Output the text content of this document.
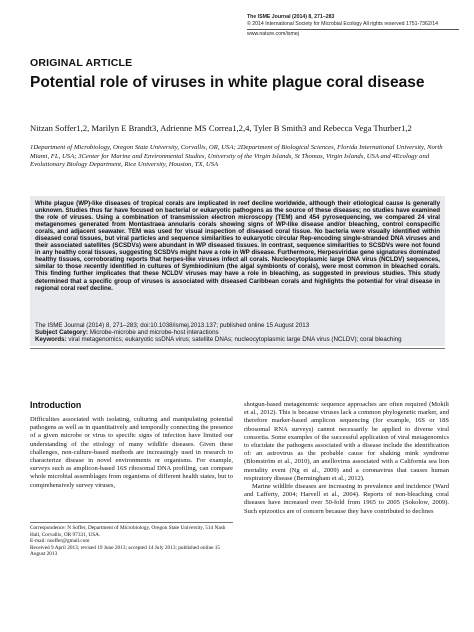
The ISME Journal (2014) 8, 271–283
© 2014 International Society for Microbial Ecology All rights reserved 1751-7362/14
www.nature.com/ismej
ORIGINAL ARTICLE
Potential role of viruses in white plague coral disease
Nitzan Soffer1,2, Marilyn E Brandt3, Adrienne MS Correa1,2,4, Tyler B Smith3 and Rebecca Vega Thurber1,2
1Department of Microbiology, Oregon State University, Corvallis, OR, USA; 2Department of Biological Sciences, Florida International University, North Miami, FL, USA; 3Center for Marine and Environmental Studies, University of the Virgin Islands, St Thomas, Virgin Islands, USA and 4Ecology and Evolutionary Biology Department, Rice University, Houston, TX, USA
White plague (WP)-like diseases of tropical corals are implicated in reef decline worldwide, although their etiological cause is generally unknown. Studies thus far have focused on bacterial or eukaryotic pathogens as the source of these diseases; no studies have examined the role of viruses. Using a combination of transmission electron microscopy (TEM) and 454 pyrosequencing, we compared 24 viral metagenomes generated from Montastraea annularis corals showing signs of WP-like disease and/or bleaching, control conspecific corals, and adjacent seawater. TEM was used for visual inspection of diseased coral tissue. No bacteria were visually identified within diseased coral tissues, but viral particles and sequence similarities to eukaryotic circular Rep-encoding single-stranded DNA viruses and their associated satellites (SCSDVs) were abundant in WP diseased tissues. In contrast, sequence similarities to SCSDVs were not found in any healthy coral tissues, suggesting SCSDVs might have a role in WP disease. Furthermore, Herpesviridae gene signatures dominated healthy tissues, corroborating reports that herpes-like viruses infect all corals. Nucleocytoplasmic large DNA virus (NCLDV) sequences, similar to those recently identified in cultures of Symbiodinium (the algal symbionts of corals), were most common in bleached corals. This finding further implicates that these NCLDV viruses may have a role in bleaching, as suggested in previous studies. This study determined that a specific group of viruses is associated with diseased Caribbean corals and highlights the potential for viral disease in regional coral reef decline.
The ISME Journal (2014) 8, 271–283; doi:10.1038/ismej.2013.137; published online 15 August 2013
Subject Category: Microbe-microbe and microbe-host interactions
Keywords: viral metagenomics; eukaryotic ssDNA virus; satellite DNAs; nucleocytoplasmic large DNA virus (NCLDV); coral bleaching
Introduction

Difficulties associated with isolating, culturing and manipulating potential pathogens as well as in quantitatively and temporally connecting the presence of a given microbe or virus to specific signs of infection have limited our understanding of the etiology of many wildlife diseases. Given these challenges, non-culture-based methods are increasingly used in research to characterize disease in novel environments or organisms. For example, surveys such as amplicon-based 16S ribosomal DNA profiling, can compare whole microbial assemblages from organisms of different health states, but to comprehensively survey viruses,

shotgun-based metagenomic sequence approaches are often required (Mokili et al., 2012). This is because viruses lack a common phylogenetic marker, and therefore marker-based amplicon sequencing (for example, 16S or 18S ribosomal RNA surveys) cannot necessarily be applied to diverse viral consortia. Some examples of the successful application of viral metagenomics to elucidate the pathogens associated with a disease include the identification of: an astrovirus as the probable cause for shaking mink syndrome (Blomström et al., 2010), an anellovirus associated with a California sea lion mortality event (Ng et al., 2009) and a coronavirus that causes human respiratory disease (Bermingham et al., 2012).

Marine wildlife diseases are increasing in prevalence and incidence (Ward and Lafferty, 2004; Harvell et al., 2004). Reports of non-bleaching coral diseases have increased over 50-fold from 1965 to 2005 (Sokolow, 2009). Such epizootics are of concern because they have contributed to declines

Correspondence: N Soffer, Department of Microbiology, Oregon State University, 514 Nash Hall, Corvallis, OR 97331, USA.
E-mail: nsoffer@gmail.com
Received 9 April 2013; revised 19 June 2013; accepted 14 July 2013; published online 15 August 2013
